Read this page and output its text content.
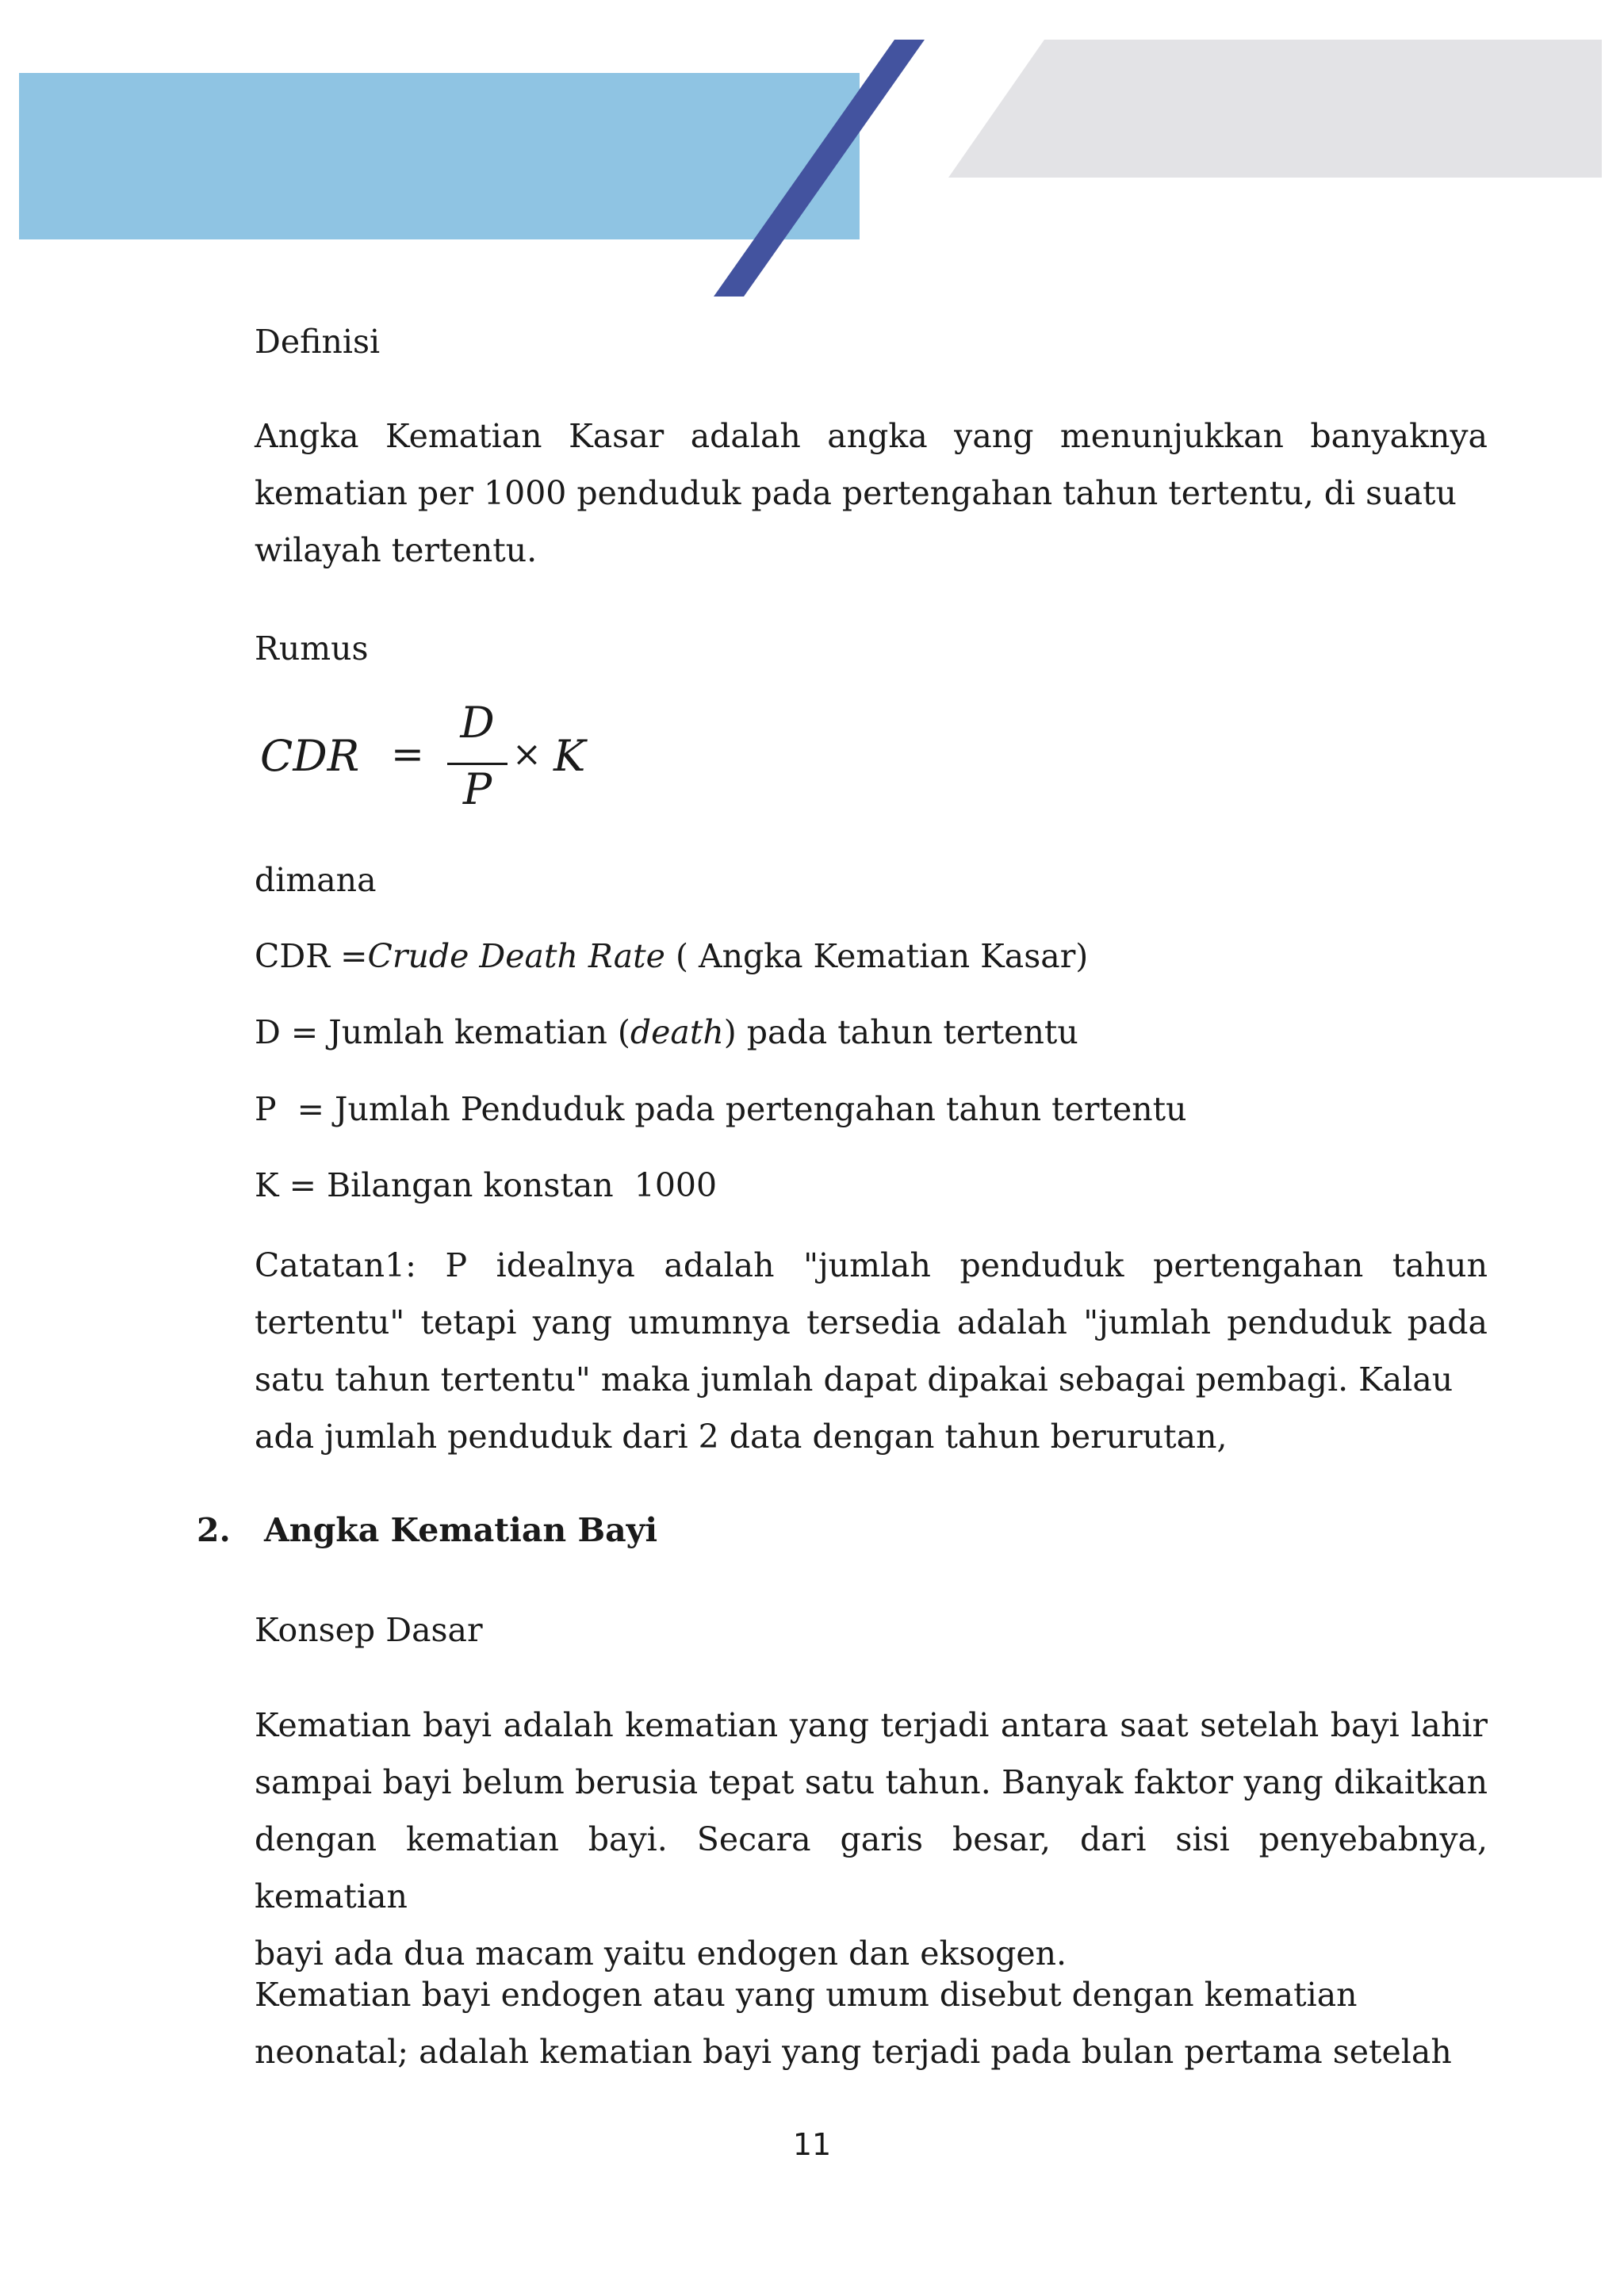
Definisi
Angka Kematian Kasar adalah angka yang menunjukkan banyaknya kematian per 1000 penduduk pada pertengahan tahun tertentu, di suatu
wilayah tertentu.
Rumus
CDR =
D
P
× K
dimana
CDR =Crude Death Rate ( Angka Kematian Kasar)
D = Jumlah kematian (death) pada tahun tertentu
P  = Jumlah Penduduk pada pertengahan tahun tertentu
K = Bilangan konstan  1000
Catatan1: P idealnya adalah "jumlah penduduk pertengahan tahun tertentu" tetapi yang umumnya tersedia adalah "jumlah penduduk pada satu tahun tertentu" maka jumlah dapat dipakai sebagai pembagi. Kalau
ada jumlah penduduk dari 2 data dengan tahun berurutan,
2. Angka Kematian Bayi
Konsep Dasar
Kematian bayi adalah kematian yang terjadi antara saat setelah bayi lahir sampai bayi belum berusia tepat satu tahun. Banyak faktor yang dikaitkan dengan kematian bayi. Secara garis besar, dari sisi penyebabnya, kematian
bayi ada dua macam yaitu endogen dan eksogen.
Kematian bayi endogen atau yang umum disebut dengan kematian
neonatal; adalah kematian bayi yang terjadi pada bulan pertama setelah
11
